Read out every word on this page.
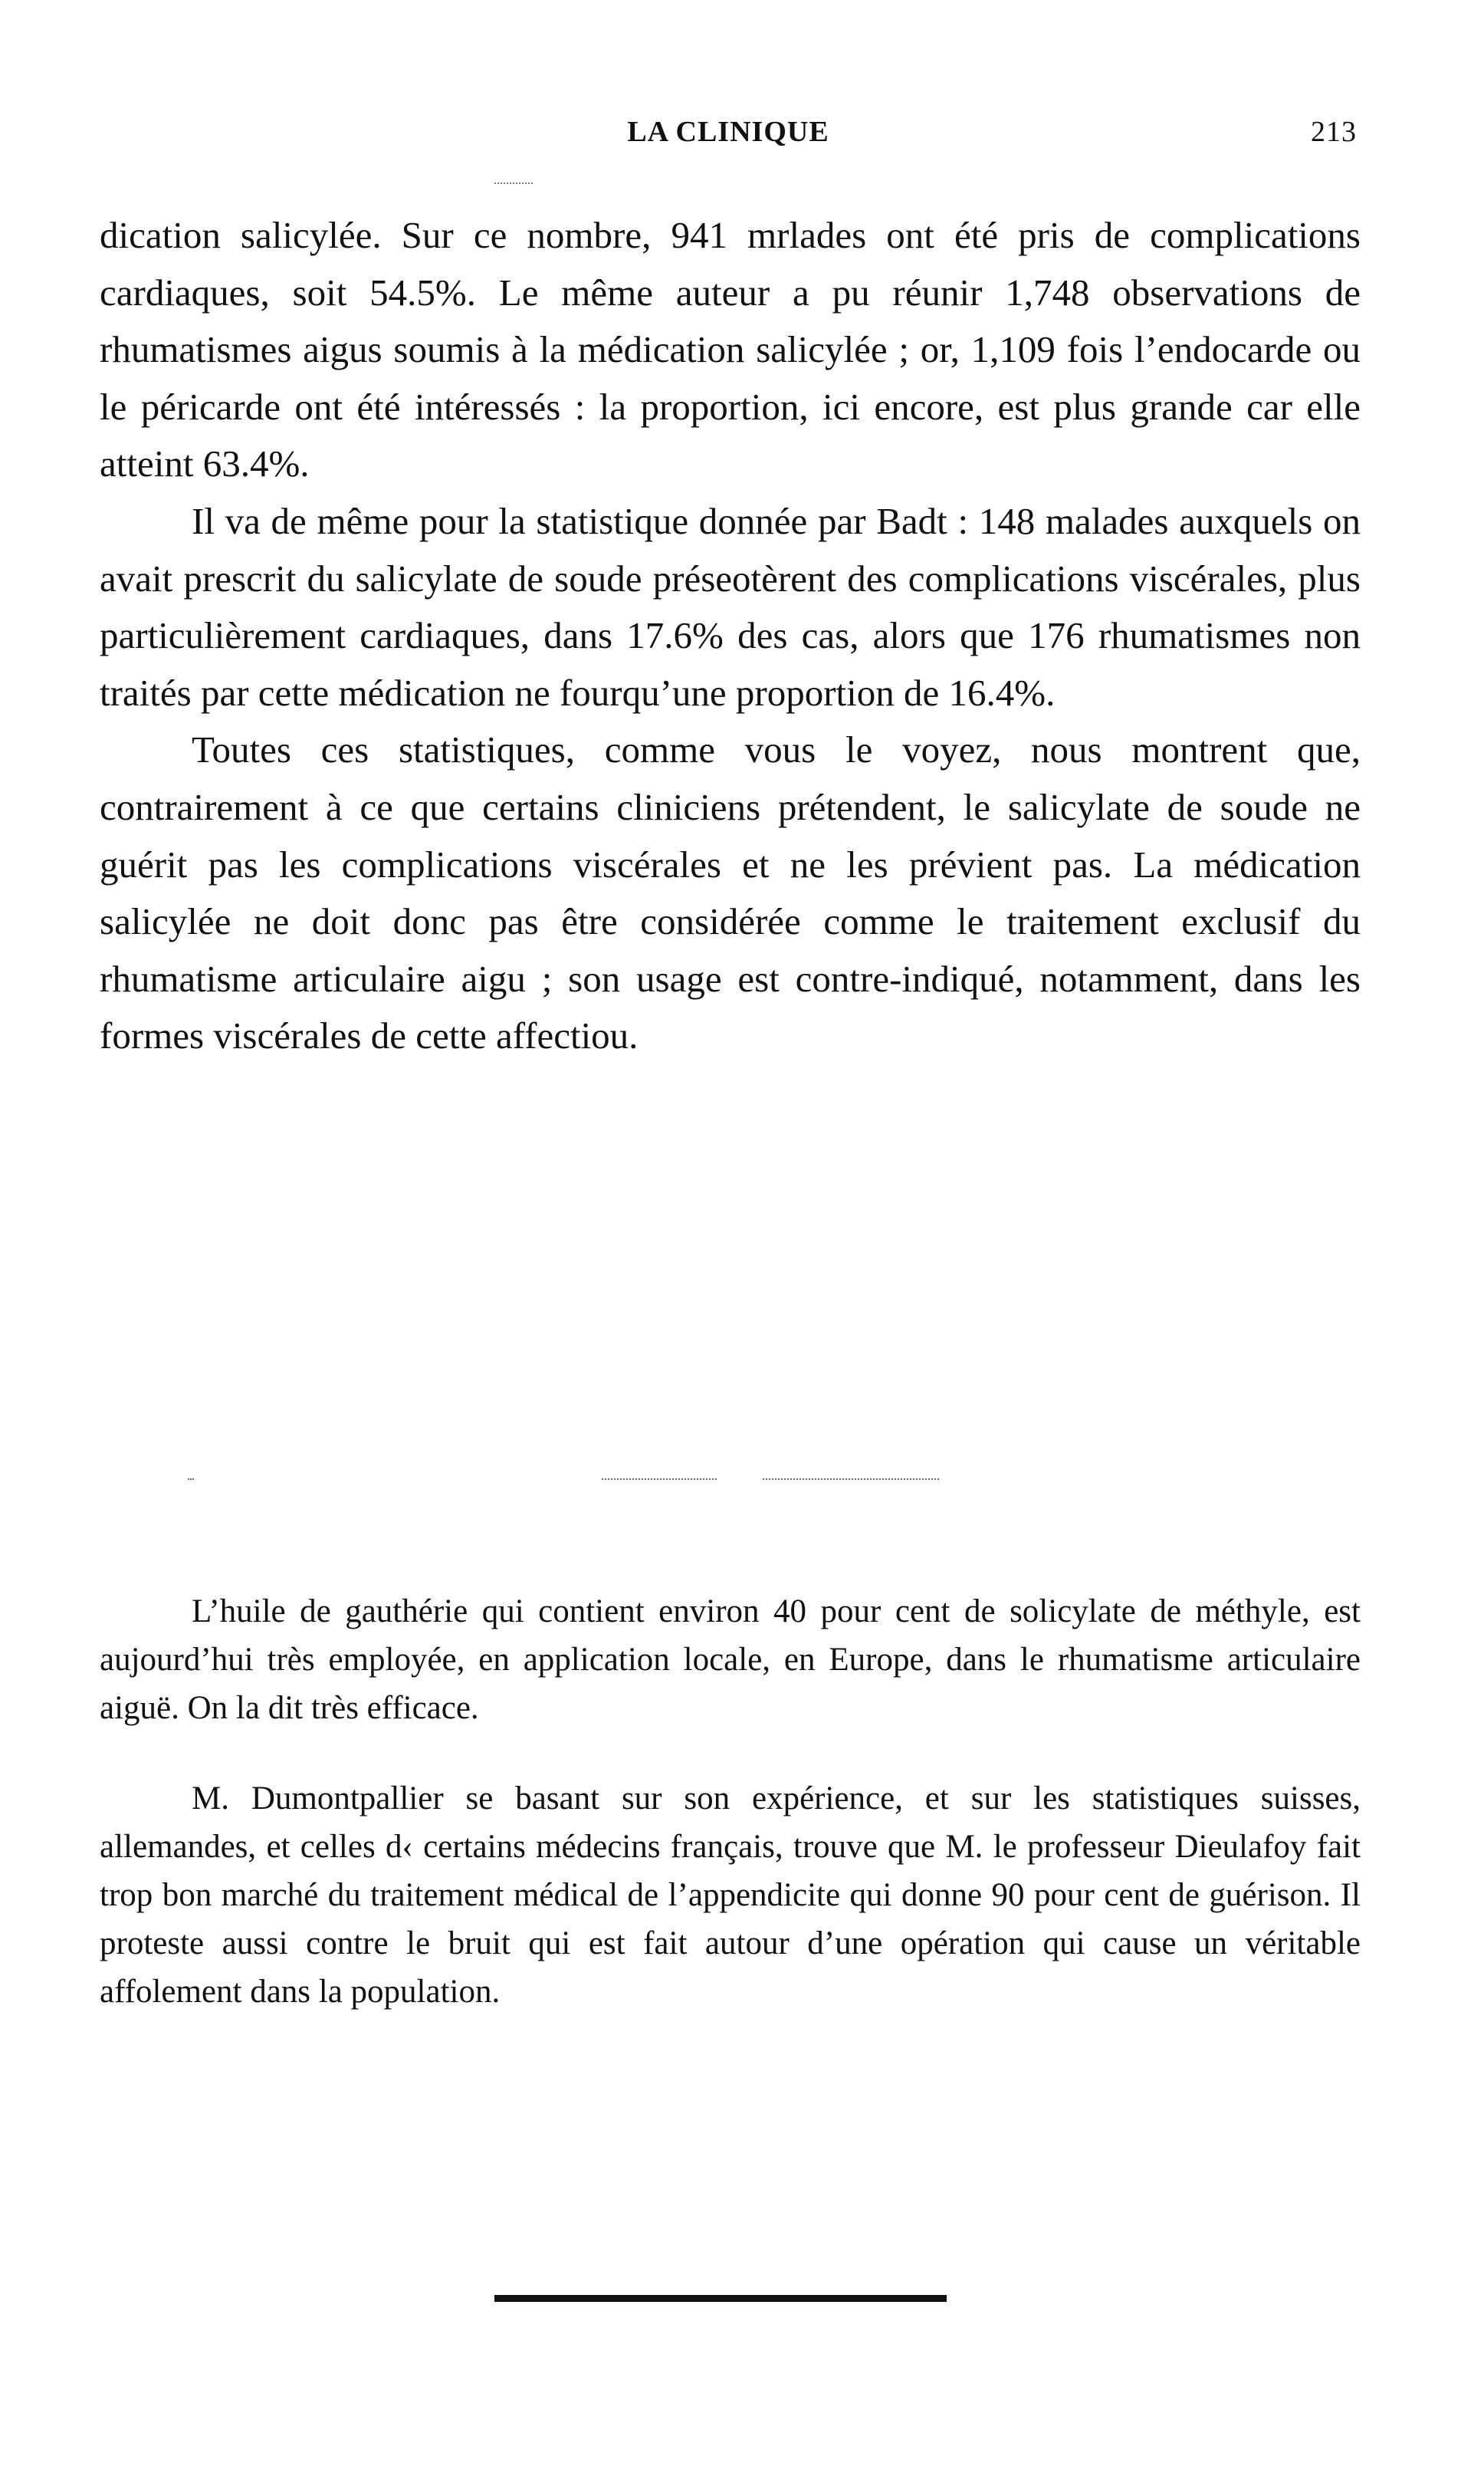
LA CLINIQUE	213

dication salicylée. Sur ce nombre, 941 mrlades ont été pris de complications cardiaques, soit 54.5%. Le même auteur a pu réunir 1,748 observations de rhumatismes aigus soumis à la médication salicylée ; or, 1,109 fois l’endocarde ou le péricarde ont été intéressés : la proportion, ici encore, est plus grande car elle atteint 63.4%.

Il va de même pour la statistique donnée par Badt : 148 malades auxquels on avait prescrit du salicylate de soude préseotèrent des complications viscérales, plus particulièrement cardiaques, dans 17.6% des cas, alors que 176 rhumatismes non traités par cette médication ne fourqu’une proportion de 16.4%.

Toutes ces statistiques, comme vous le voyez, nous montrent que, contrairement à ce que certains cliniciens prétendent, le salicylate de soude ne guérit pas les complications viscérales et ne les prévient pas. La médication salicylée ne doit donc pas être considérée comme le traitement exclusif du rhumatisme articulaire aigu ; son usage est contre-indiqué, notamment, dans les formes viscérales de cette affectiou.

L’huile de gauthérie qui contient environ 40 pour cent de solicylate de méthyle, est aujourd’hui très employée, en application locale, en Europe, dans le rhumatisme articulaire aiguë. On la dit très efficace.

M. Dumontpallier se basant sur son expérience, et sur les statistiques suisses, allemandes, et celles d‹ certains médecins français, trouve que M. le professeur Dieulafoy fait trop bon marché du traitement médical de l’appendicite qui donne 90 pour cent de guérison. Il proteste aussi contre le bruit qui est fait autour d’une opération qui cause un véritable affolement dans la population.
